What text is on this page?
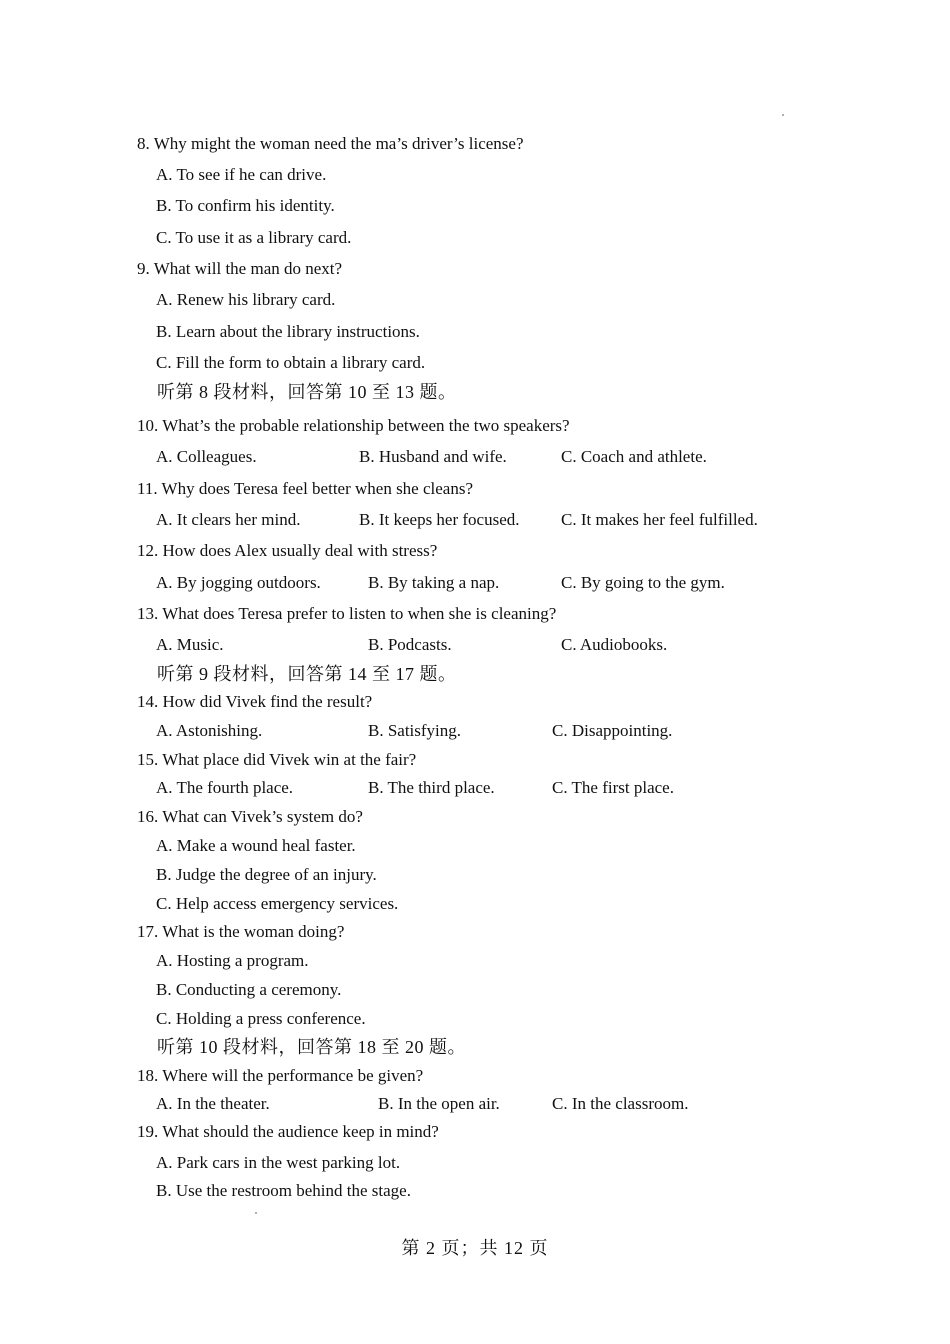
8. Why might the woman need the ma’s driver’s license?
A. To see if he can drive.
B. To confirm his identity.
C. To use it as a library card.
9. What will the man do next?
A. Renew his library card.
B. Learn about the library instructions.
C. Fill the form to obtain a library card.
听第 8 段材料，回答第 10 至 13 题。
10. What’s the probable relationship between the two speakers?
A. Colleagues.	B. Husband and wife.	C. Coach and athlete.
11. Why does Teresa feel better when she cleans?
A. It clears her mind.	B. It keeps her focused. C. It makes her feel fulfilled.
12. How does Alex usually deal with stress?
A. By jogging outdoors.	B. By taking a nap.	C. By going to the gym.
13. What does Teresa prefer to listen to when she is cleaning?
A. Music.	B. Podcasts.	C. Audiobooks.
听第 9 段材料，回答第 14 至 17 题。
14. How did Vivek find the result?
A. Astonishing.	B. Satisfying.	C. Disappointing.
15. What place did Vivek win at the fair?
A. The fourth place.	B. The third place.	C. The first place.
16. What can Vivek’s system do?
A. Make a wound heal faster.
B. Judge the degree of an injury.
C. Help access emergency services.
17. What is the woman doing?
A. Hosting a program.
B. Conducting a ceremony.
C. Holding a press conference.
听第 10 段材料，回答第 18 至 20 题。
18. Where will the performance be given?
A. In the theater.	B. In the open air.	C. In the classroom.
19. What should the audience keep in mind?
A. Park cars in the west parking lot.
B. Use the restroom behind the stage.
第 2 页；共 12 页
